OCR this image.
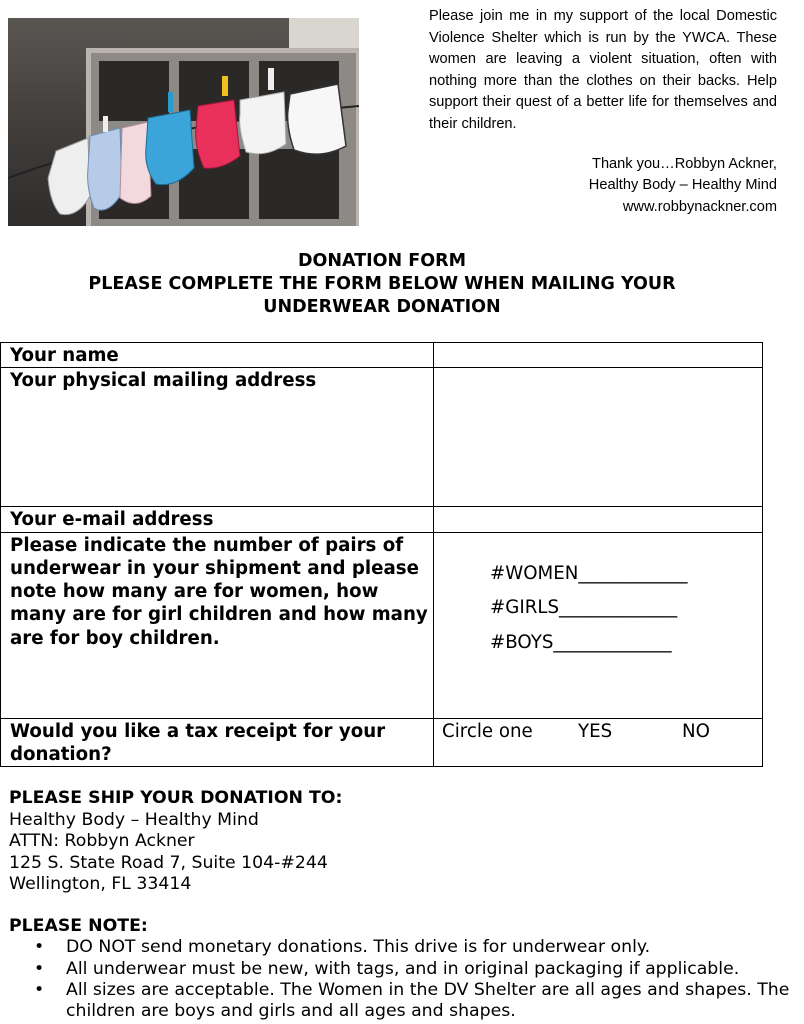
Please join me in my support of the local Domestic Violence Shelter which is run by the YWCA. These women are leaving a violent situation, often with nothing more than the clothes on their backs. Help support their quest of a better life for themselves and their children.
Thank you…Robbyn Ackner,
Healthy Body – Healthy Mind
www.robbynackner.com
DONATION FORM
PLEASE COMPLETE THE FORM BELOW WHEN MAILING YOUR
UNDERWEAR DONATION
Your name	
Your physical mailing address	
Your e-mail address	
Please indicate the number of pairs of underwear in your shipment and please note how many are for women, how many are for girl children and how many are for boy children.	#WOMEN____________
#GIRLS_____________
#BOYS_____________

Would you like a tax receipt for your donation?	Circle one YES NO
PLEASE SHIP YOUR DONATION TO:
Healthy Body – Healthy Mind
ATTN: Robbyn Ackner
125 S. State Road 7, Suite 104-#244
Wellington, FL 33414
PLEASE NOTE:
• DO NOT send monetary donations. This drive is for underwear only.
• All underwear must be new, with tags, and in original packaging if applicable.
• All sizes are acceptable. The Women in the DV Shelter are all ages and shapes. The children are boys and girls and all ages and shapes.
